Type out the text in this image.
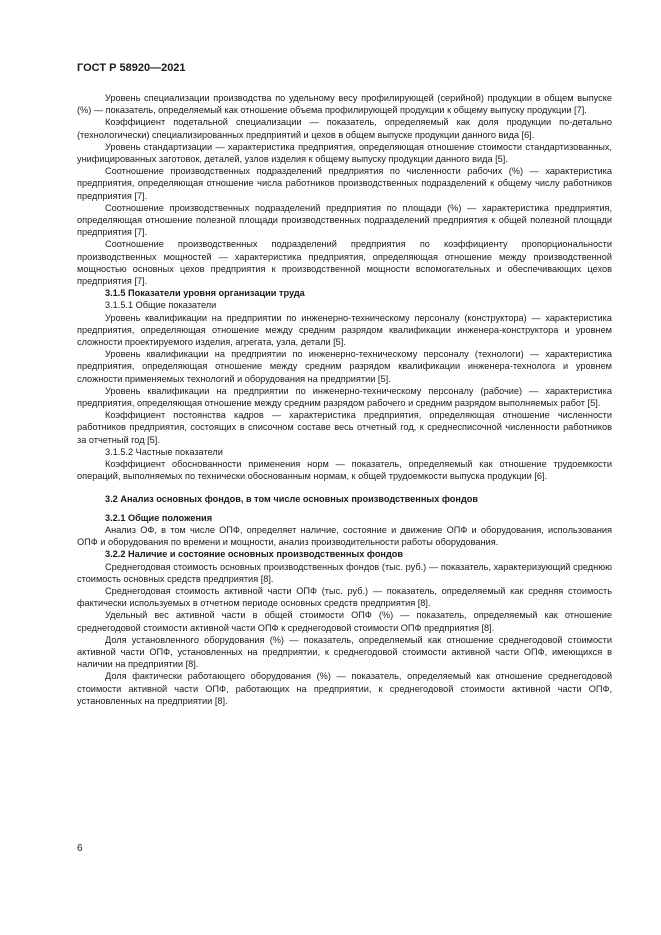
ГОСТ Р 58920—2021

Уровень специализации производства по удельному весу профилирующей (серийной) продукции в общем выпуске (%) — показатель, определяемый как отношение объема профилирующей продукции к общему выпуску продукции [7].

Коэффициент подетальной специализации — показатель, определяемый как доля продукции по-детально (технологически) специализированных предприятий и цехов в общем выпуске продукции данного вида [6].

Уровень стандартизации — характеристика предприятия, определяющая отношение стоимости стандартизованных, унифицированных заготовок, деталей, узлов изделия к общему выпуску продукции данного вида [5].

Соотношение производственных подразделений предприятия по численности рабочих (%) — характеристика предприятия, определяющая отношение числа работников производственных подразделений к общему числу работников предприятия [7].

Соотношение производственных подразделений предприятия по площади (%) — характеристика предприятия, определяющая отношение полезной площади производственных подразделений предприятия к общей полезной площади предприятия [7].

Соотношение производственных подразделений предприятия по коэффициенту пропорциональности производственных мощностей — характеристика предприятия, определяющая отношение между производственной мощностью основных цехов предприятия к производственной мощности вспомогательных и обеспечивающих цехов предприятия [7].

3.1.5 Показатели уровня организации труда

3.1.5.1 Общие показатели

Уровень квалификации на предприятии по инженерно-техническому персоналу (конструктора) — характеристика предприятия, определяющая отношение между средним разрядом квалификации инженера-конструктора и уровнем сложности проектируемого изделия, агрегата, узла, детали [5].

Уровень квалификации на предприятии по инженерно-техническому персоналу (технологи) — характеристика предприятия, определяющая отношение между средним разрядом квалификации инженера-технолога и уровнем сложности применяемых технологий и оборудования на предприятии [5].

Уровень квалификации на предприятии по инженерно-техническому персоналу (рабочие) — характеристика предприятия, определяющая отношение между средним разрядом рабочего и средним разрядом выполняемых работ [5].

Коэффициент постоянства кадров — характеристика предприятия, определяющая отношение численности работников предприятия, состоящих в списочном составе весь отчетный год, к среднесписочной численности работников за отчетный год [5].

3.1.5.2 Частные показатели

Коэффициент обоснованности применения норм — показатель, определяемый как отношение трудоемкости операций, выполняемых по технически обоснованным нормам, к общей трудоемкости выпуска продукции [6].

3.2 Анализ основных фондов, в том числе основных производственных фондов

3.2.1 Общие положения

Анализ ОФ, в том числе ОПФ, определяет наличие, состояние и движение ОПФ и оборудования, использования ОПФ и оборудования по времени и мощности, анализ производительности работы оборудования.

3.2.2 Наличие и состояние основных производственных фондов

Среднегодовая стоимость основных производственных фондов (тыс. руб.) — показатель, характеризующий среднюю стоимость основных средств предприятия [8].

Среднегодовая стоимость активной части ОПФ (тыс. руб.) — показатель, определяемый как средняя стоимость фактически используемых в отчетном периоде основных средств предприятия [8].

Удельный вес активной части в общей стоимости ОПФ (%) — показатель, определяемый как отношение среднегодовой стоимости активной части ОПФ к среднегодовой стоимости ОПФ предприятия [8].

Доля установленного оборудования (%) — показатель, определяемый как отношение среднегодовой стоимости активной части ОПФ, установленных на предприятии, к среднегодовой стоимости активной части ОПФ, имеющихся в наличии на предприятии [8].

Доля фактически работающего оборудования (%) — показатель, определяемый как отношение среднегодовой стоимости активной части ОПФ, работающих на предприятии, к среднегодовой стоимости активной части ОПФ, установленных на предприятии [8].

6
